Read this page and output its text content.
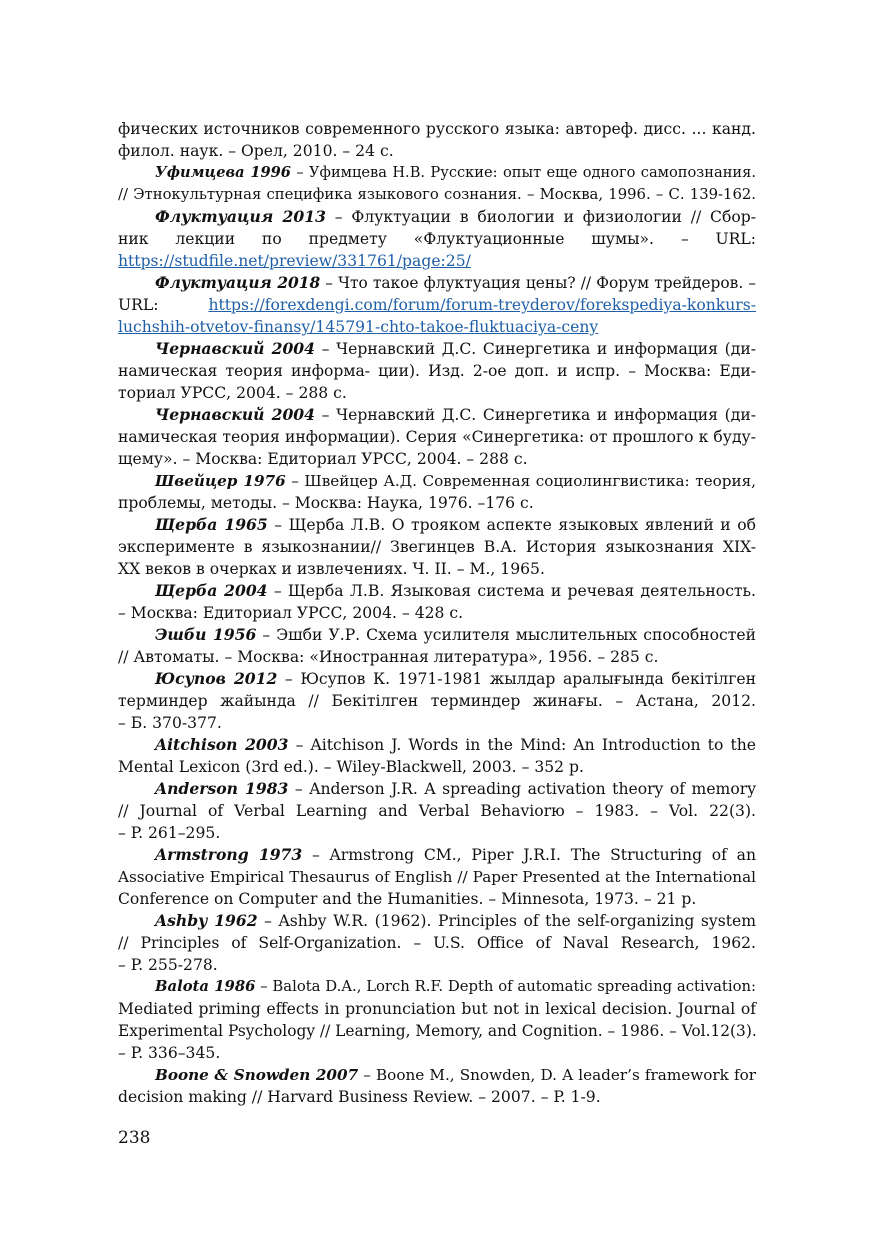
фических источников современного русского языка: автореф. дисс. ... канд.
филол. наук. – Орел, 2010. – 24 с.
Уфимцева 1996 – Уфимцева Н.В. Русские: опыт еще одного самопознания.
// Этнокультурная специфика языкового сознания. – Москва, 1996. – С. 139-162.
Флуктуация 2013 – Флуктуации в биологии и физиологии // Сбор-
ник лекции по предмету «Флуктуационные шумы». – URL:
https://studfile.net/preview/331761/page:25/
Флуктуация 2018 – Что такое флуктуация цены? // Форум трейдеров. –
URL: https://forexdengi.com/forum/forum-treyderov/forekspediya-konkurs-
luchshih-otvetov-finansy/145791-chto-takoe-fluktuaciya-ceny
Чернавский 2004 – Чернавский Д.С. Синергетика и информация (ди-
намическая теория информа- ции). Изд. 2-ое доп. и испр. – Москва: Еди-
ториал УРСС, 2004. – 288 с.
Чернавский 2004 – Чернавский Д.С. Синергетика и информация (ди-
намическая теория информации). Серия «Синергетика: от прошлого к буду-
щему». – Москва: Едиториал УРСС, 2004. – 288 с.
Швейцер 1976 – Швейцер А.Д. Современная социолингвистика: теория,
проблемы, методы. – Москва: Наука, 1976. –176 с.
Щерба 1965 – Щерба Л.В. О трояком аспекте языковых явлений и об
эксперименте в языкознании// Звегинцев В.А. История языкознания XIX-
XX веков в очерках и извлечениях. Ч. II. – М., 1965.
Щерба 2004 – Щерба Л.В. Языковая система и речевая деятельность.
– Москва: Едиториал УРСС, 2004. – 428 с.
Эшби 1956 – Эшби У.Р. Схема усилителя мыслительных способностей
// Автоматы. – Москва: «Иностранная литература», 1956. – 285 с.
Юсупов 2012 – Юсупов К. 1971-1981 жылдар аралығында бекітілген
терминдер жайында // Бекітілген терминдер жинағы. – Астана, 2012.
– Б. 370-377.
Aitchison 2003 – Aitchison J. Words in the Mind: An Introduction to the
Mental Lexicon (3rd ed.). – Wiley-Blackwell, 2003. – 352 p.
Anderson 1983 – Anderson J.R. A spreading activation theory of memory
// Journal of Verbal Learning and Verbal Behaviorю – 1983. – Vol. 22(3).
– P. 261–295.
Armstrong 1973 – Armstrong CM., Piper J.R.I. The Structuring of an
Associative Empirical Thesaurus of English // Paper Presented at the International
Conference on Computer and the Humanities. – Minnesota, 1973. – 21 p.
Ashby 1962 – Ashby W.R. (1962). Principles of the self-organizing system
// Principles of Self-Organization. – U.S. Office of Naval Research, 1962.
– P. 255-278.
Balota 1986 – Balota D.A., Lorch R.F. Depth of automatic spreading activation:
Mediated priming effects in pronunciation but not in lexical decision. Journal of
Experimental Psychology // Learning, Memory, and Cognition. – 1986. – Vol.12(3).
– P. 336–345.
Boone & Snowden 2007 – Boone M., Snowden, D. A leader’s framework for
decision making // Harvard Business Review. – 2007. – P. 1-9.
238
